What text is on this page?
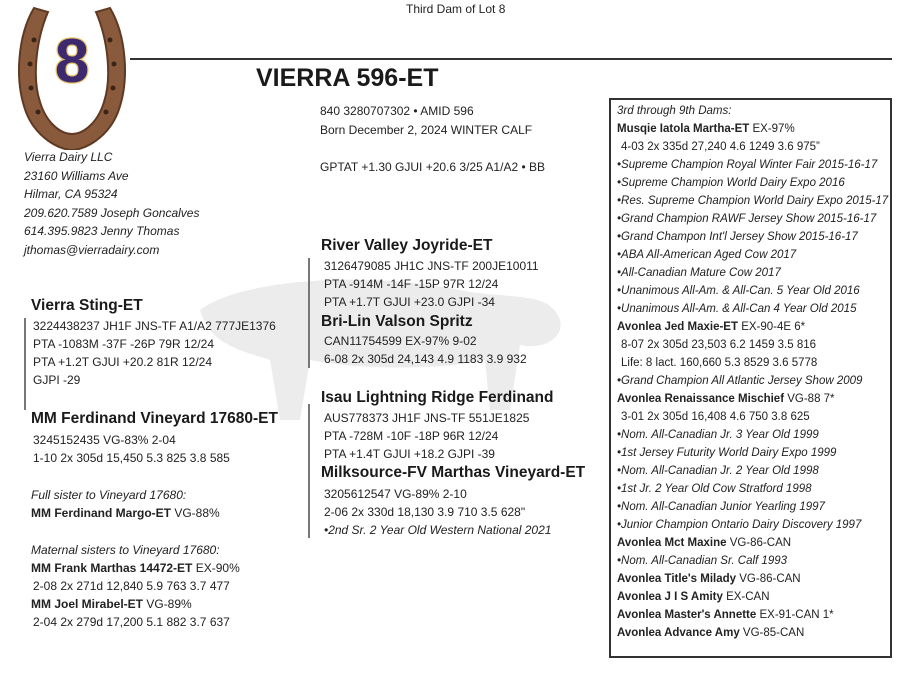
Third Dam of Lot 8
8	VIERRA 596-ET
840 3280707302 • AMID 596
Born December 2, 2024 WINTER CALF
GPTAT +1.30 GJUI +20.6 3/25 A1/A2 • BB
Vierra Dairy LLC
23160 Williams Ave
Hilmar, CA 95324
209.620.7589 Joseph Goncalves
614.395.9823 Jenny Thomas
jthomas@vierradairy.com
Vierra Sting-ET
3224438237 JH1F JNS-TF A1/A2 777JE1376
PTA -1083M -37F -26P 79R 12/24
PTA +1.2T GJUI +20.2 81R 12/24
GJPI -29
MM Ferdinand Vineyard 17680-ET
3245152435 VG-83% 2-04
1-10 2x 305d 15,450 5.3 825 3.8 585
Full sister to Vineyard 17680:
MM Ferdinand Margo-ET VG-88%
Maternal sisters to Vineyard 17680:
MM Frank Marthas 14472-ET EX-90%
2-08 2x 271d 12,840 5.9 763 3.7 477
MM Joel Mirabel-ET VG-89%
2-04 2x 279d 17,200 5.1 882 3.7 637
River Valley Joyride-ET
3126479085 JH1C JNS-TF 200JE10011
PTA -914M -14F -15P 97R 12/24
PTA +1.7T GJUI +23.0 GJPI -34
Bri-Lin Valson Spritz
CAN11754599 EX-97% 9-02
6-08 2x 305d 24,143 4.9 1183 3.9 932
Isau Lightning Ridge Ferdinand
AUS778373 JH1F JNS-TF 551JE1825
PTA -728M -10F -18P 96R 12/24
PTA +1.4T GJUI +18.2 GJPI -39
Milksource-FV Marthas Vineyard-ET
3205612547 VG-89% 2-10
2-06 2x 330d 18,130 3.9 710 3.5 628"
•2nd Sr. 2 Year Old Western National 2021
3rd through 9th Dams:
Musqie Iatola Martha-ET EX-97%
4-03 2x 335d 27,240 4.6 1249 3.6 975”
•Supreme Champion Royal Winter Fair 2015-16-17
•Supreme Champion World Dairy Expo 2016
•Res. Supreme Champion World Dairy Expo 2015-17
•Grand Champion RAWF Jersey Show 2015-16-17
•Grand Champon Int'l Jersey Show 2015-16-17
•ABA All-American Aged Cow 2017
•All-Canadian Mature Cow 2017
•Unanimous All-Am. & All-Can. 5 Year Old 2016
•Unanimous All-Am. & All-Can 4 Year Old 2015
Avonlea Jed Maxie-ET EX-90-4E 6*
8-07 2x 305d 23,503 6.2 1459 3.5 816
Life: 8 lact. 160,660 5.3 8529 3.6 5778
•Grand Champion All Atlantic Jersey Show 2009
Avonlea Renaissance Mischief VG-88 7*
3-01 2x 305d 16,408 4.6 750 3.8 625
•Nom. All-Canadian Jr. 3 Year Old 1999
•1st Jersey Futurity World Dairy Expo 1999
•Nom. All-Canadian Jr. 2 Year Old 1998
•1st Jr. 2 Year Old Cow Stratford 1998
•Nom. All-Canadian Junior Yearling 1997
•Junior Champion Ontario Dairy Discovery 1997
Avonlea Mct Maxine VG-86-CAN
•Nom. All-Canadian Sr. Calf 1993
Avonlea Title's Milady VG-86-CAN
Avonlea J I S Amity EX-CAN
Avonlea Master's Annette EX-91-CAN 1*
Avonlea Advance Amy VG-85-CAN
